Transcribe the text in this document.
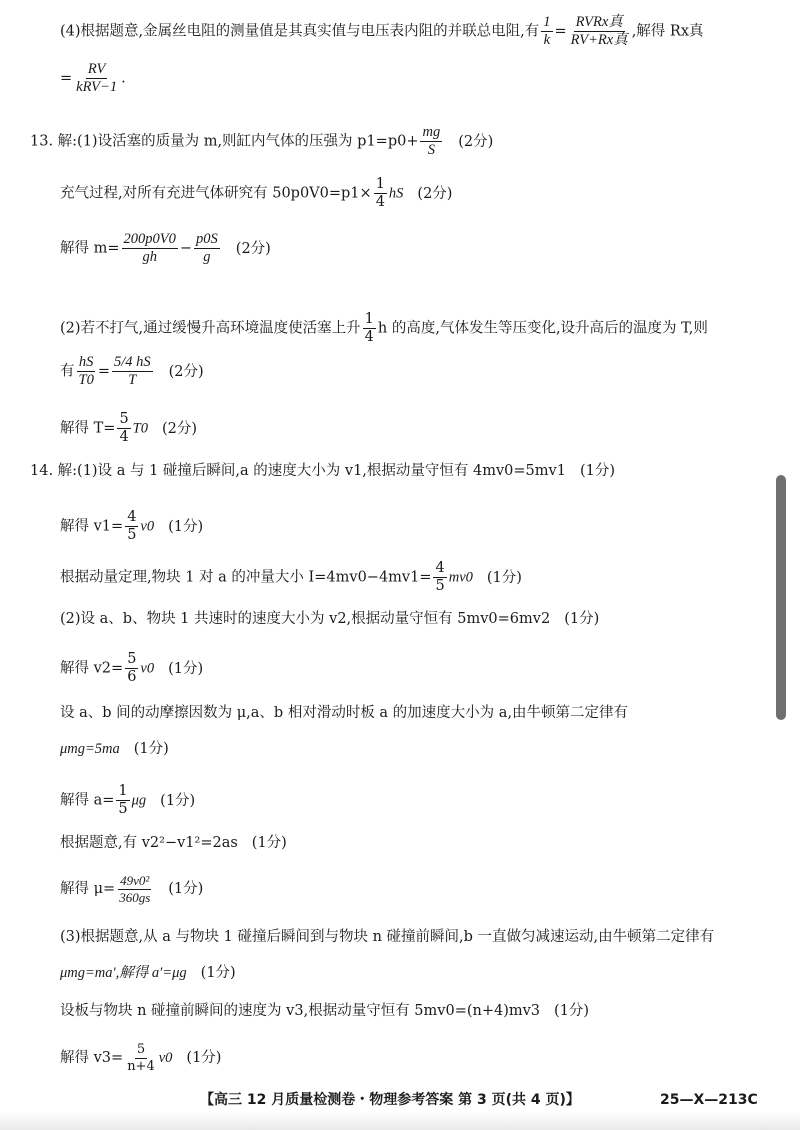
(4)根据题意,金属丝电阻的测量值是其真实值与电压表内阻的并联总电阻,有 $\frac{1}{k} = \frac{\text{RVRx真}}{\text{RV+Rx真}}$ ,解得 Rx真
= $\frac{RV}{\text{kRV−1}}$ .
13. 解:(1)设活塞的质量为 m,则缸内气体的压强为 $p1=p0+ \frac{mg}{S} (2$分)
充气过程,对所有充进气体研究有 $50p0V0=p1\times \frac{1}{4}$ hS (2分)
解得 $m= \frac{200p0V0}{gh} - \frac{p0S}{g} (2$分)
(2)若不打气,通过缓慢升高环境温度使活塞上升 $\frac{1}{4}$ h 的高度,气体发生等压变化,设升高后的温度为 T,则
有 $\frac{hS}{T0} = \frac{5/4 hS}{T} (2$分)
解得 $T= \frac{5}{4} T0$ (2分)
14. 解:(1)设 a 与 1 碰撞后瞬间,a 的速度大小为 v1,根据动量守恒有 4mv0=5mv1 (1分)
解得 $v1= \frac{4}{5} v0$ (1分)
根据动量定理,物块 1 对 a 的冲量大小 $I=4mv0-4mv1= \frac{4}{5} mv0$ (1分)
(2)设 a、b、物块 1 共速时的速度大小为 v2,根据动量守恒有 5mv0=6mv2 (1分)
解得 $v2= \frac{5}{6} v0$ (1分)
设 a、b 间的动摩擦因数为 μ,a、b 相对滑动时板 a 的加速度大小为 a,由牛顿第二定律有
μmg=5ma (1分)
解得 $a= \frac{1}{5}$ μg (1分)
根据题意,有 v2²−v1²=2as (1分)
解得 $\mu= \frac{\text{49v0²}}{360gs} (1$分)
(3)根据题意,从 a 与物块 1 碰撞后瞬间到与物块 n 碰撞前瞬间,b 一直做匀减速运动,由牛顿第二定律有
μmg=ma′,解得 a′=μg (1分)
设板与物块 n 碰撞前瞬间的速度为 v3,根据动量守恒有 5mv0=(n+4)mv3 (1分)
解得 $v3= \frac{5}{n+4} v0$ (1分)
【高三 12 月质量检测卷・物理参考答案 第 3 页(共 4 页)】	25—X—213C
